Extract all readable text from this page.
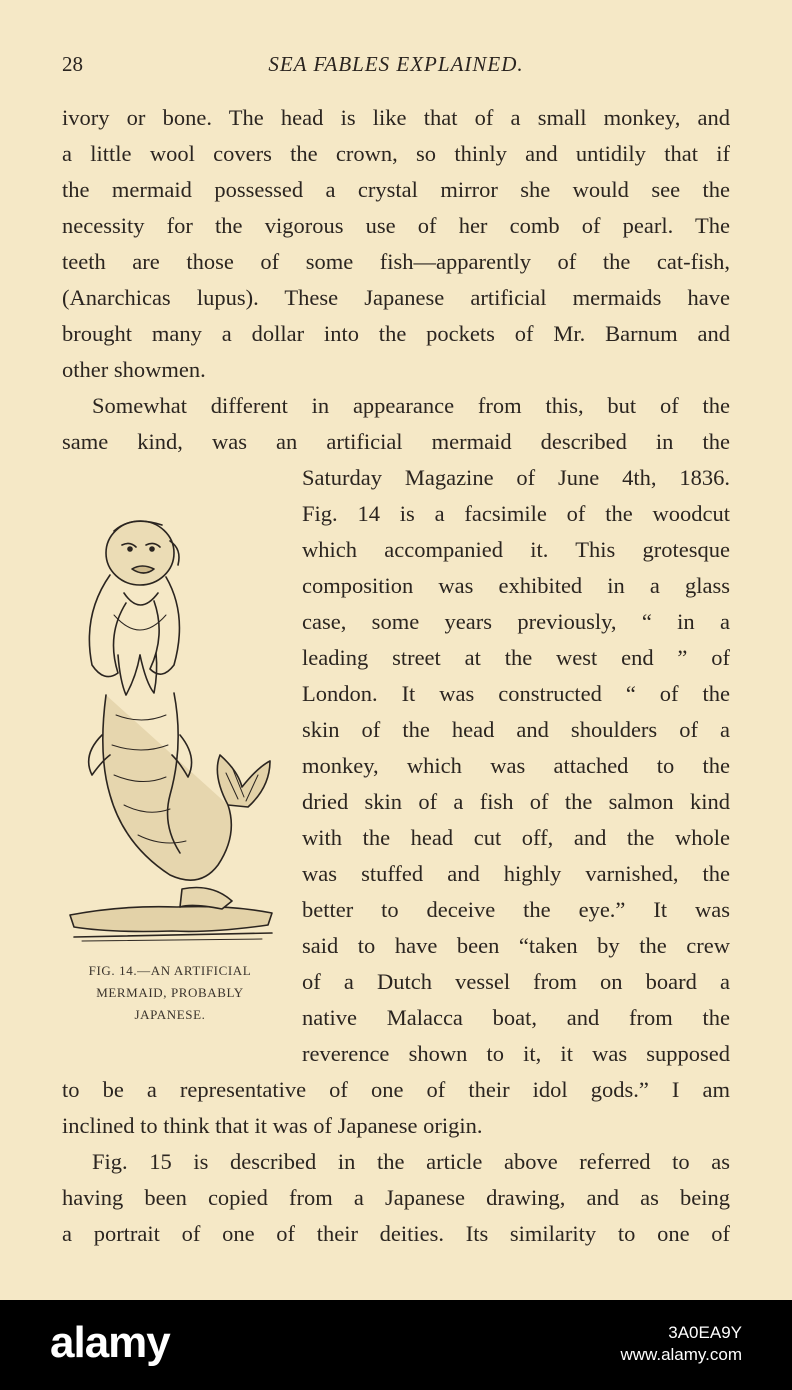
28	SEA FABLES EXPLAINED.
ivory or bone. The head is like that of a small monkey, and
a little wool covers the crown, so thinly and untidily that if
the mermaid possessed a crystal mirror she would see the
necessity for the vigorous use of her comb of pearl. The
teeth are those of some fish—apparently of the cat-fish,
(Anarchicas lupus). These Japanese artificial mermaids have
brought many a dollar into the pockets of Mr. Barnum and
other showmen.
Somewhat different in appearance from this, but of the
same kind, was an artificial mermaid described in the
Saturday Magazine of June 4th, 1836.
Fig. 14 is a facsimile of the woodcut
which accompanied it. This grotesque
composition was exhibited in a glass
case, some years previously, “ in a
leading street at the west end ” of
London. It was constructed “ of the
skin of the head and shoulders of a
monkey, which was attached to the
dried skin of a fish of the salmon kind
with the head cut off, and the whole
was stuffed and highly varnished, the
better to deceive the eye.” It was
said to have been “taken by the crew
of a Dutch vessel from on board a
native Malacca boat, and from the
reverence shown to it, it was supposed
to be a representative of one of their idol gods.” I am
inclined to think that it was of Japanese origin.
Fig. 15 is described in the article above referred to as
having been copied from a Japanese drawing, and as being
a portrait of one of their deities. Its similarity to one of
FIG. 14.—AN ARTIFICIAL
MERMAID, PROBABLY
JAPANESE.
alamy	3A0EA9Y
www.alamy.com
